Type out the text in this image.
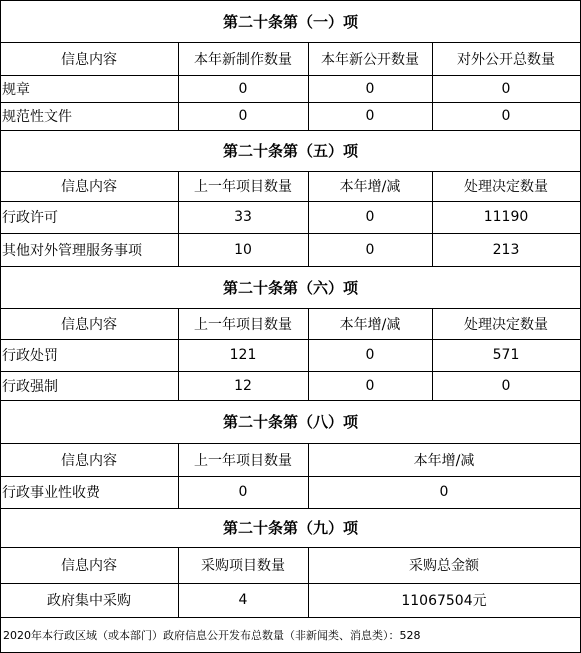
第二十条第（一）项
信息内容	本年新制作数量	本年新公开数量	对外公开总数量
规章	0	0	0
规范性文件	0	0	0
第二十条第（五）项
信息内容	上一年项目数量	本年增/减	处理决定数量
行政许可	33	0	11190
其他对外管理服务事项	10	0	213
第二十条第（六）项
信息内容	上一年项目数量	本年增/减	处理决定数量
行政处罚	121	0	571
行政强制	12	0	0
第二十条第（八）项
信息内容	上一年项目数量	本年增/减
行政事业性收费	0	0
第二十条第（九）项
信息内容	采购项目数量	采购总金额
政府集中采购	4	11067504元
2020年本行政区域（或本部门）政府信息公开发布总数量（非新闻类、消息类）：528
